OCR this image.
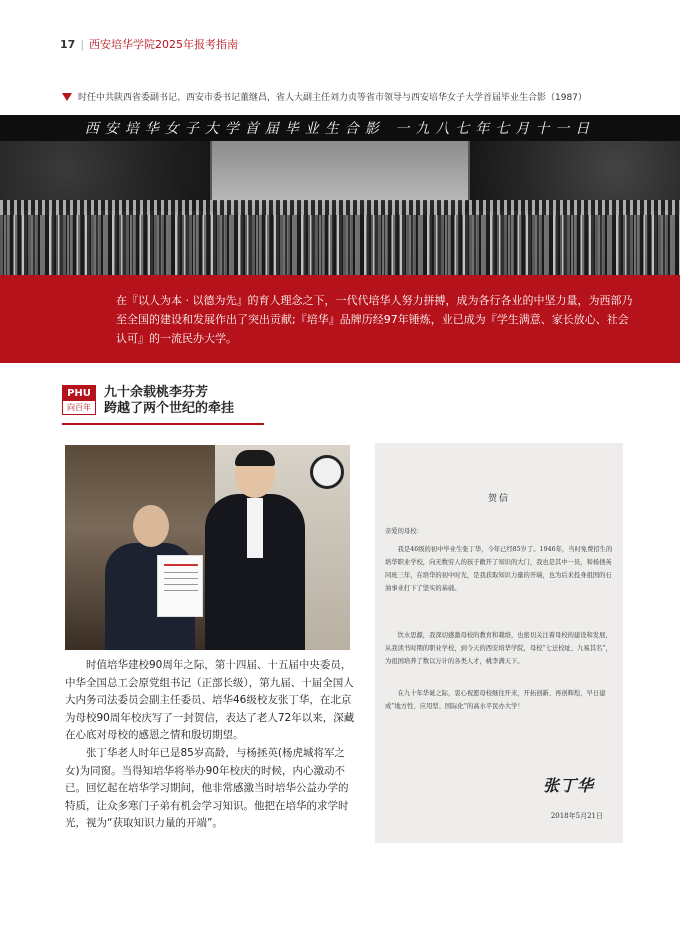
17 | 西安培华学院2025年报考指南
时任中共陕西省委副书记、西安市委书记董继昌，省人大副主任刘力贞等省市领导与西安培华女子大学首届毕业生合影（1987）
西安培华女子大学首届毕业生合影 一九八七年七月十一日

在『以人为本 · 以德为先』的育人理念之下，一代代培华人努力拼搏，成为各行各业的中坚力量，为西部乃至全国的建设和发展作出了突出贡献;『培华』品牌历经97年锤炼，业已成为『学生满意、家长放心、社会认可』的一流民办大学。

PHU
向百年
九十余载桃李芬芳
跨越了两个世纪的牵挂

时值培华建校90周年之际，第十四届、十五届中央委员，中华全国总工会原党组书记（正部长级），第九届、十届全国人大内务司法委员会副主任委员、培华46级校友张丁华，在北京为母校90周年校庆写了一封贺信，表达了老人72年以来，深藏在心底对母校的感恩之情和殷切期望。

张丁华老人时年已是85岁高龄，与杨拯英(杨虎城将军之女)为同窗。当得知培华将举办90年校庆的时候，内心激动不已。回忆起在培华学习期间，他非常感激当时培华公益办学的特质，让众多寒门子弟有机会学习知识。他把在培华的求学时光，视为“获取知识力量的开端”。

贺信
亲爱的母校：
我是46级的初中毕业生张丁华，今年已经85岁了。1946年，当时免费招生的培华职业学校，向无数穷人的孩子敞开了知识的大门，我也是其中一员，和杨拯英同班三年，在培华的初中时光，是我获取知识力量的开端，也为后来投身祖国的石油事业打下了坚实的基础。
饮水思源，我深切感激母校的教育和栽培，也密切关注着母校的建设和发展，从我读书时期的职业学校，到今天的西安培华学院，母校“七迁校址、九易其名”，为祖国培养了数以万计的各类人才，桃李满天下。
在九十年华诞之际，衷心祝愿母校继往开来，开拓创新、再创辉煌，早日建成“地方性、应用型、国际化”的高水平民办大学！
张丁华
2018年5月21日
